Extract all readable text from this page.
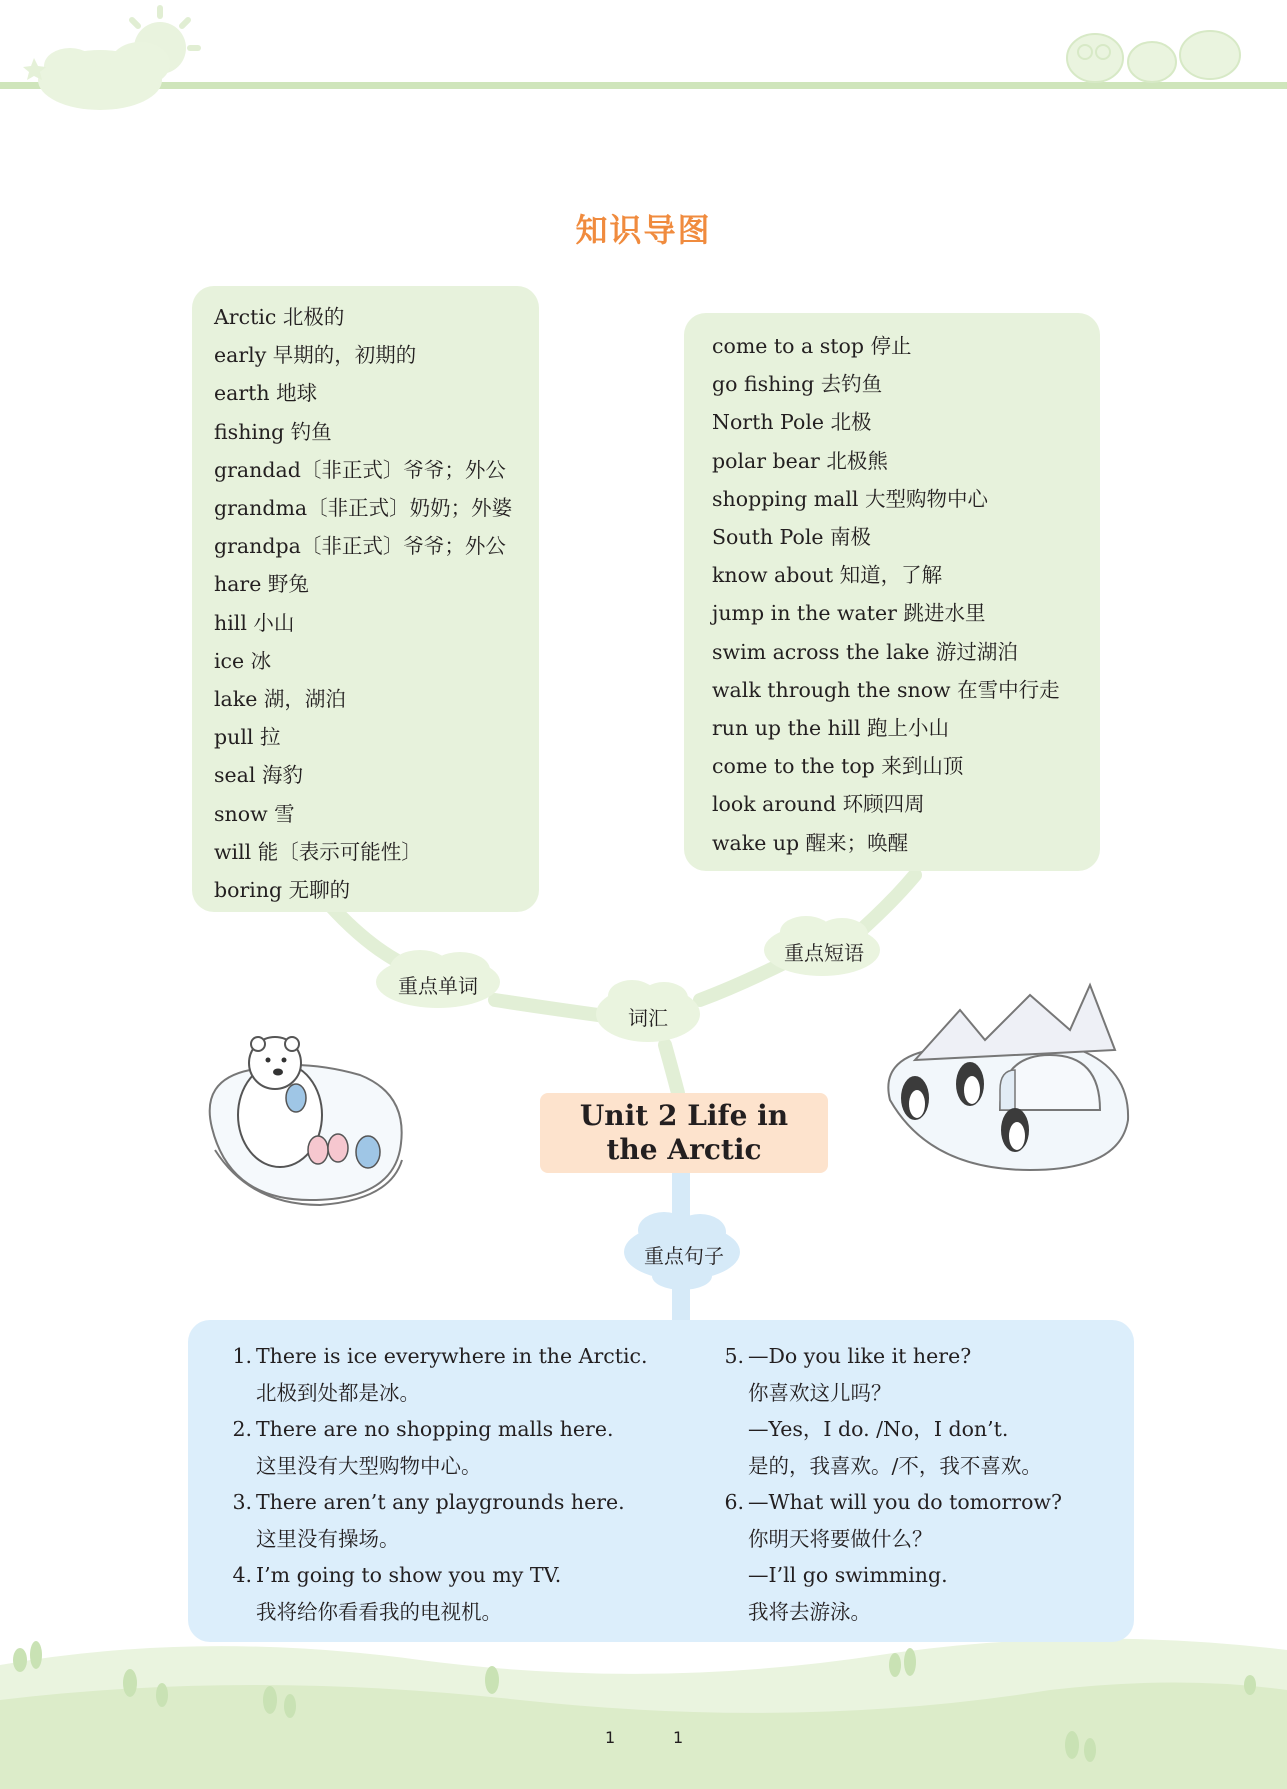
知识导图
Arctic 北极的
early 早期的，初期的
earth 地球
fishing 钓鱼
grandad〔非正式〕爷爷；外公
grandma〔非正式〕奶奶；外婆
grandpa〔非正式〕爷爷；外公
hare 野兔
hill 小山
ice 冰
lake 湖，湖泊
pull 拉
seal 海豹
snow 雪
will 能〔表示可能性〕
boring 无聊的
come to a stop 停止
go fishing 去钓鱼
North Pole 北极
polar bear 北极熊
shopping mall 大型购物中心
South Pole 南极
know about 知道，了解
jump in the water 跳进水里
swim across the lake 游过湖泊
walk through the snow 在雪中行走
run up the hill 跑上小山
come to the top 来到山顶
look around 环顾四周
wake up 醒来；唤醒
重点单词
词汇
重点短语
重点句子
Unit 2 Life in the Arctic
1. There is ice everywhere in the Arctic.
北极到处都是冰。
2. There are no shopping malls here.
这里没有大型购物中心。
3. There aren’t any playgrounds here.
这里没有操场。
4. I’m going to show you my TV.
我将给你看看我的电视机。
5. —Do you like it here?
你喜欢这儿吗？
—Yes，I do. /No，I don’t.
是的，我喜欢。/不，我不喜欢。
6. —What will you do tomorrow?
你明天将要做什么？
—I’ll go swimming.
我将去游泳。
1	1
